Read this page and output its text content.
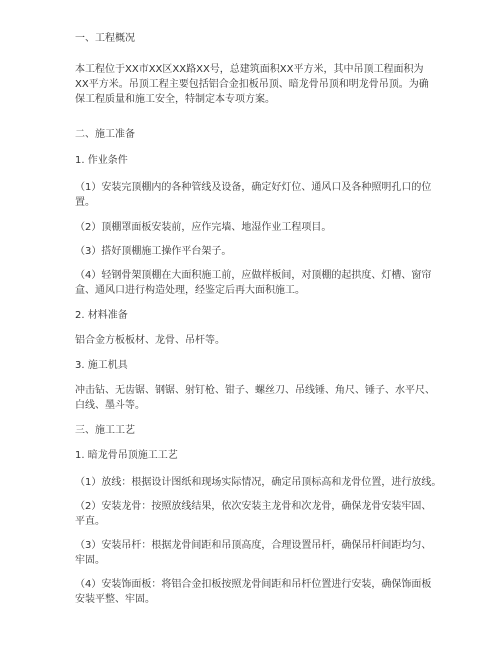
一、工程概况
本工程位于XX市XX区XX路XX号，总建筑面积XX平方米，其中吊顶工程面积为
XX平方米。吊顶工程主要包括铝合金扣板吊顶、暗龙骨吊顶和明龙骨吊顶。为确
保工程质量和施工安全，特制定本专项方案。
二、施工准备
1. 作业条件
（1）安装完顶棚内的各种管线及设备，确定好灯位、通风口及各种照明孔口的位
置。
（2）顶棚罩面板安装前，应作完墙、地湿作业工程项目。
（3）搭好顶棚施工操作平台架子。
（4）轻钢骨架顶棚在大面积施工前，应做样板间，对顶棚的起拱度、灯槽、窗帘
盒、通风口进行构造处理，经鉴定后再大面积施工。
2. 材料准备
铝合金方板板材、龙骨、吊杆等。
3. 施工机具
冲击钻、无齿锯、钢锯、射钉枪、钳子、螺丝刀、吊线锤、角尺、锤子、水平尺、
白线、墨斗等。
三、施工工艺
1. 暗龙骨吊顶施工工艺
（1）放线：根据设计图纸和现场实际情况，确定吊顶标高和龙骨位置，进行放线。
（2）安装龙骨：按照放线结果，依次安装主龙骨和次龙骨，确保龙骨安装牢固、
平直。
（3）安装吊杆：根据龙骨间距和吊顶高度，合理设置吊杆，确保吊杆间距均匀、
牢固。
（4）安装饰面板：将铝合金扣板按照龙骨间距和吊杆位置进行安装，确保饰面板
安装平整、牢固。
